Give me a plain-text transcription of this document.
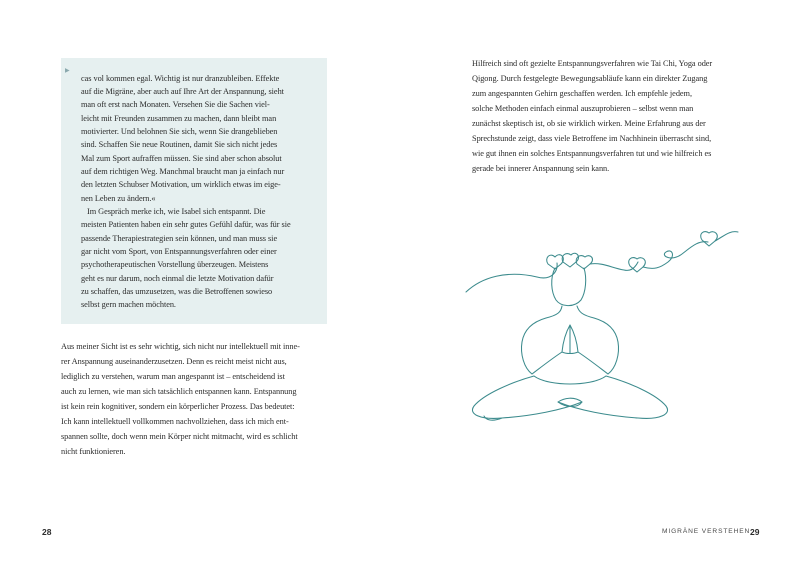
▶
cas vol kommen egal. Wichtig ist nur dranzubleiben. Effekte
auf die Migräne, aber auch auf Ihre Art der Anspannung, sieht
man oft erst nach Monaten. Versehen Sie die Sachen viel-
leicht mit Freunden zusammen zu machen, dann bleibt man
motivierter. Und belohnen Sie sich, wenn Sie drangeblieben
sind. Schaffen Sie neue Routinen, damit Sie sich nicht jedes
Mal zum Sport aufraffen müssen. Sie sind aber schon absolut
auf dem richtigen Weg. Manchmal braucht man ja einfach nur
den letzten Schubser Motivation, um wirklich etwas im eige-
nen Leben zu ändern.«
Im Gespräch merke ich, wie Isabel sich entspannt. Die
meisten Patienten haben ein sehr gutes Gefühl dafür, was für sie
passende Therapiestrategien sein können, und man muss sie
gar nicht vom Sport, von Entspannungsverfahren oder einer
psychotherapeutischen Vorstellung überzeugen. Meistens
geht es nur darum, noch einmal die letzte Motivation dafür
zu schaffen, das umzusetzen, was die Betroffenen sowieso
selbst gern machen möchten.
Aus meiner Sicht ist es sehr wichtig, sich nicht nur intellektuell mit inne-
rer Anspannung auseinanderzusetzen. Denn es reicht meist nicht aus,
lediglich zu verstehen, warum man angespannt ist – entscheidend ist
auch zu lernen, wie man sich tatsächlich entspannen kann. Entspannung
ist kein rein kognitiver, sondern ein körperlicher Prozess. Das bedeutet:
Ich kann intellektuell vollkommen nachvollziehen, dass ich mich ent-
spannen sollte, doch wenn mein Körper nicht mitmacht, wird es schlicht
nicht funktionieren.
28
Hilfreich sind oft gezielte Entspannungsverfahren wie Tai Chi, Yoga oder
Qigong. Durch festgelegte Bewegungsabläufe kann ein direkter Zugang
zum angespannten Gehirn geschaffen werden. Ich empfehle jedem,
solche Methoden einfach einmal auszuprobieren – selbst wenn man
zunächst skeptisch ist, ob sie wirklich wirken. Meine Erfahrung aus der
Sprechstunde zeigt, dass viele Betroffene im Nachhinein überrascht sind,
wie gut ihnen ein solches Entspannungsverfahren tut und wie hilfreich es
gerade bei innerer Anspannung sein kann.
MIGRÄNE VERSTEHEN 29
